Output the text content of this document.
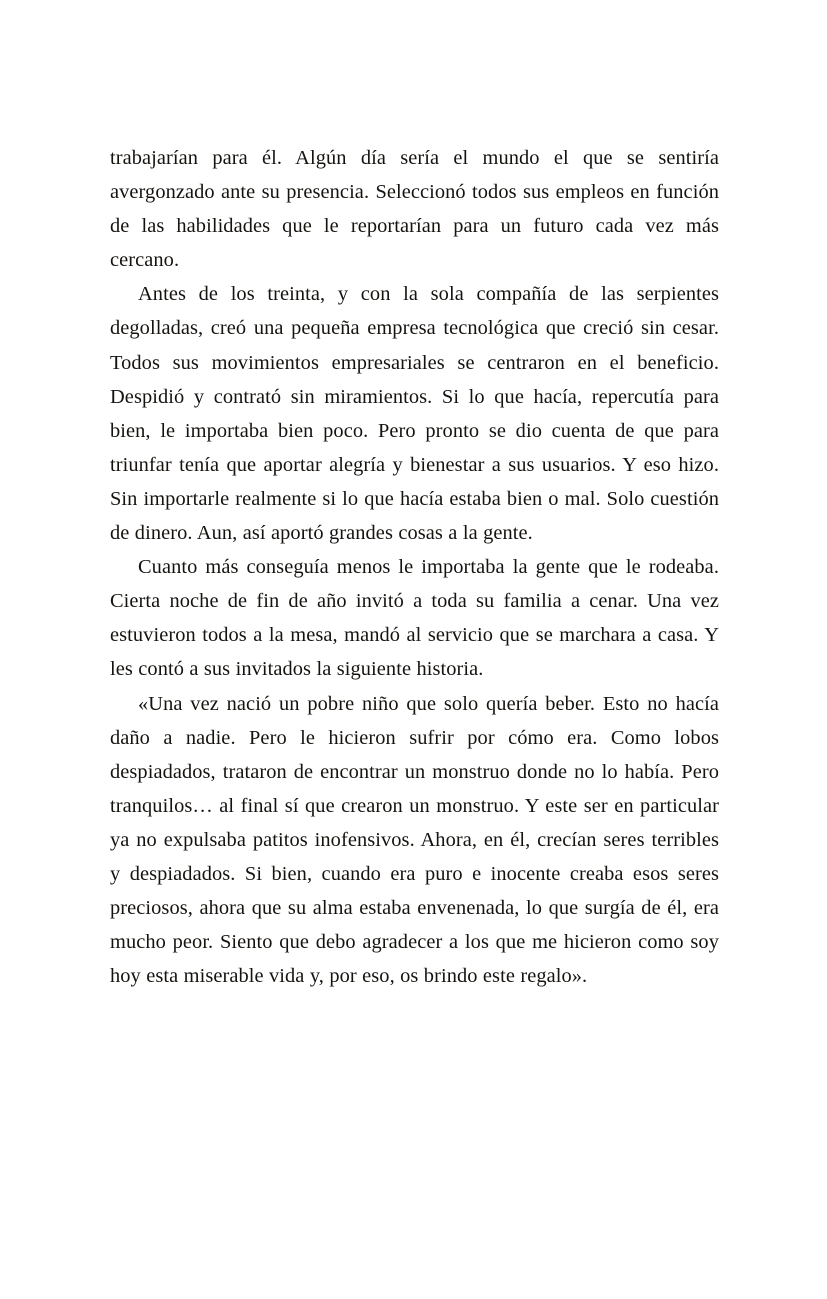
trabajarían para él. Algún día sería el mundo el que se sentiría avergonzado ante su presencia. Seleccionó todos sus empleos en función de las habilidades que le reportarían para un futuro cada vez más cercano.

Antes de los treinta, y con la sola compañía de las serpientes degolladas, creó una pequeña empresa tecnológica que creció sin cesar. Todos sus movimientos empresariales se centraron en el beneficio. Despidió y contrató sin miramientos. Si lo que hacía, repercutía para bien, le importaba bien poco. Pero pronto se dio cuenta de que para triunfar tenía que aportar alegría y bienestar a sus usuarios. Y eso hizo. Sin importarle realmente si lo que hacía estaba bien o mal. Solo cuestión de dinero. Aun, así aportó grandes cosas a la gente.

Cuanto más conseguía menos le importaba la gente que le rodeaba. Cierta noche de fin de año invitó a toda su familia a cenar. Una vez estuvieron todos a la mesa, mandó al servicio que se marchara a casa. Y les contó a sus invitados la siguiente historia.

«Una vez nació un pobre niño que solo quería beber. Esto no hacía daño a nadie. Pero le hicieron sufrir por cómo era. Como lobos despiadados, trataron de encontrar un monstruo donde no lo había. Pero tranquilos… al final sí que crearon un monstruo. Y este ser en particular ya no expulsaba patitos inofensivos. Ahora, en él, crecían seres terribles y despiadados. Si bien, cuando era puro e inocente creaba esos seres preciosos, ahora que su alma estaba envenenada, lo que surgía de él, era mucho peor. Siento que debo agradecer a los que me hicieron como soy hoy esta miserable vida y, por eso, os brindo este regalo».
